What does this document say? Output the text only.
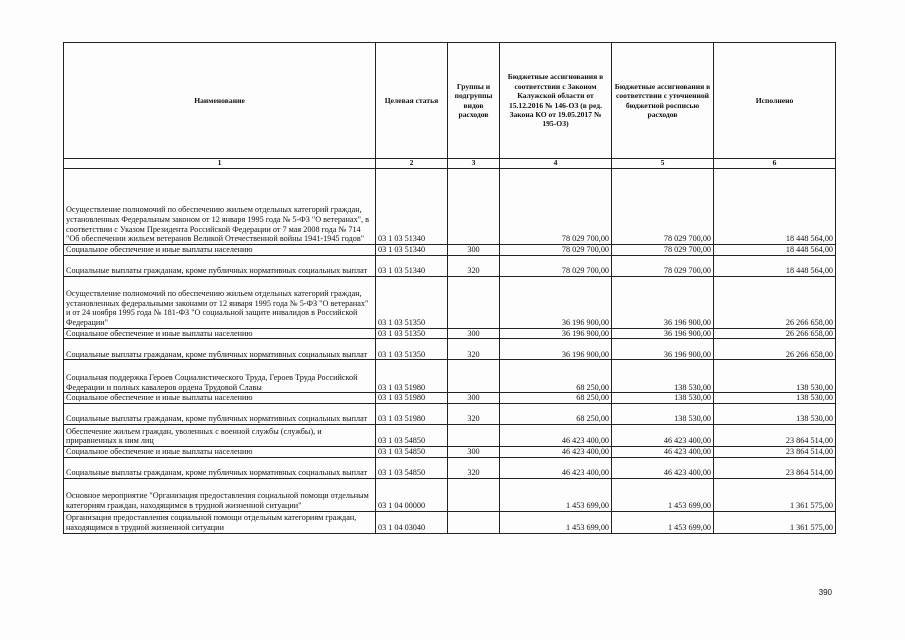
Наименование	Целевая статья	Группы и подгруппы видов расходов	Бюджетные ассигнования в соответствии с Законом Калужской области от 15.12.2016 № 146-ОЗ (в ред. Закона КО от 19.05.2017 № 195-ОЗ)	Бюджетные ассигнования в соответствии с уточненной бюджетной росписью расходов	Исполнено
1	2	3	4	5	6
Осуществление полномочий по обеспечению жильем отдельных категорий граждан, установленных Федеральным законом от 12 января 1995 года № 5-ФЗ "О ветеранах", в соответствии с Указом Президента Российской Федерации от 7 мая 2008 года № 714 "Об обеспечении жильем ветеранов Великой Отечественной войны 1941-1945 годов"	03 1 03 51340		78 029 700,00	78 029 700,00	18 448 564,00
Социальное обеспечение и иные выплаты населению	03 1 03 51340	300	78 029 700,00	78 029 700,00	18 448 564,00
Социальные выплаты гражданам, кроме публичных нормативных социальных выплат	03 1 03 51340	320	78 029 700,00	78 029 700,00	18 448 564,00
Осуществление полномочий по обеспечению жильем отдельных категорий граждан, установленных федеральными законами от 12 января 1995 года № 5-ФЗ "О ветеранах" и от 24 ноября 1995 года № 181-ФЗ "О социальной защите инвалидов в Российской Федерации"	03 1 03 51350		36 196 900,00	36 196 900,00	26 266 658,00
Социальное обеспечение и иные выплаты населению	03 1 03 51350	300	36 196 900,00	36 196 900,00	26 266 658,00
Социальные выплаты гражданам, кроме публичных нормативных социальных выплат	03 1 03 51350	320	36 196 900,00	36 196 900,00	26 266 658,00
Социальная поддержка Героев Социалистического Труда, Героев Труда Российской Федерации и полных кавалеров ордена Трудовой Славы	03 1 03 51980		68 250,00	138 530,00	138 530,00
Социальное обеспечение и иные выплаты населению	03 1 03 51980	300	68 250,00	138 530,00	138 530,00
Социальные выплаты гражданам, кроме публичных нормативных социальных выплат	03 1 03 51980	320	68 250,00	138 530,00	138 530,00
Обеспечение жильем граждан, уволенных с военной службы (службы), и приравненных к ним лиц	03 1 03 54850		46 423 400,00	46 423 400,00	23 864 514,00
Социальное обеспечение и иные выплаты населению	03 1 03 54850	300	46 423 400,00	46 423 400,00	23 864 514,00
Социальные выплаты гражданам, кроме публичных нормативных социальных выплат	03 1 03 54850	320	46 423 400,00	46 423 400,00	23 864 514,00
Основное мероприятие "Организация предоставления социальной помощи отдельным категориям граждан, находящимся в трудной жизненной ситуации"	03 1 04 00000		1 453 699,00	1 453 699,00	1 361 575,00
Организация предоставления социальной помощи отдельным категориям граждан, находящимся в трудной жизненной ситуации	03 1 04 03040		1 453 699,00	1 453 699,00	1 361 575,00
390
